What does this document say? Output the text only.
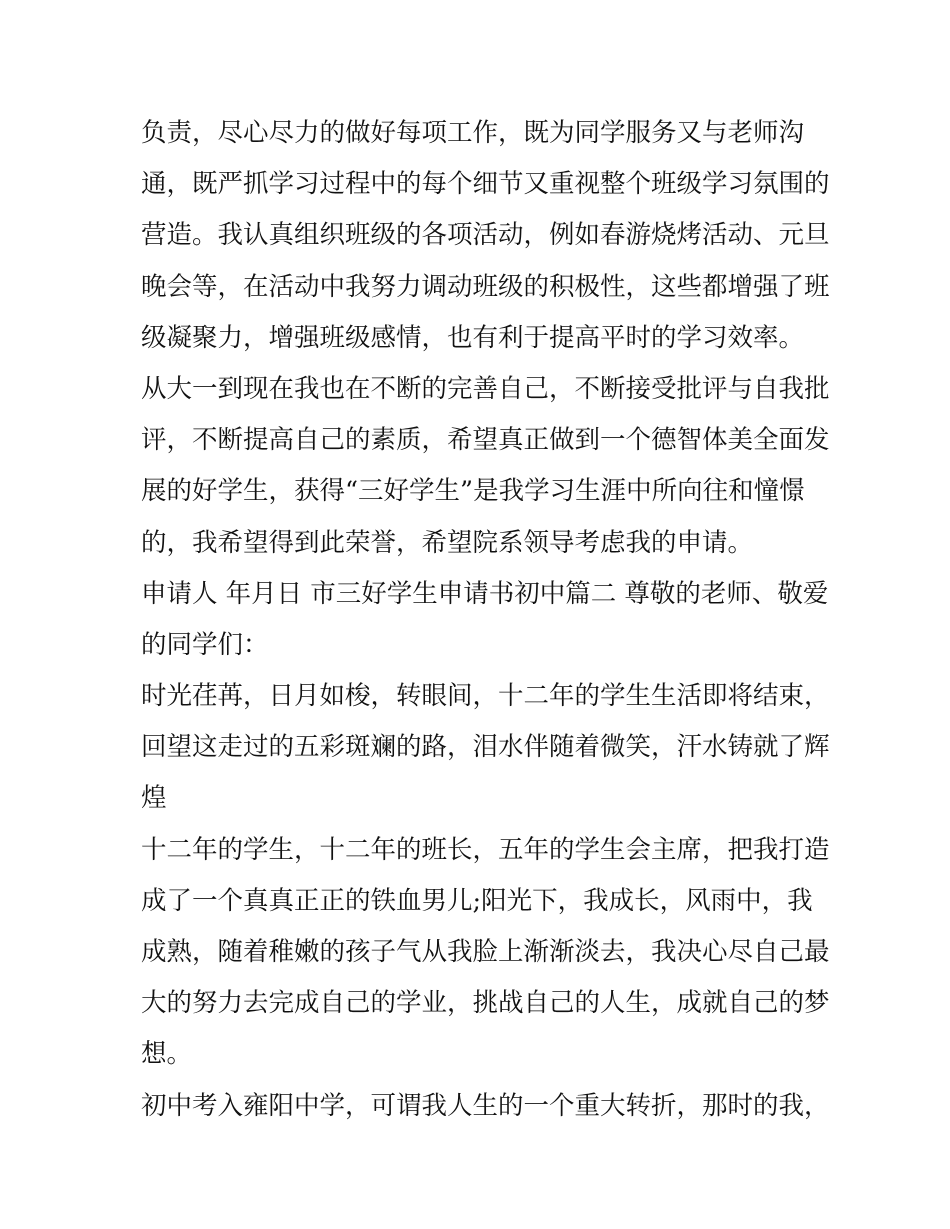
负责，尽心尽力的做好每项工作，既为同学服务又与老师沟
通，既严抓学习过程中的每个细节又重视整个班级学习氛围的
营造。我认真组织班级的各项活动，例如春游烧烤活动、元旦
晚会等，在活动中我努力调动班级的积极性，这些都增强了班
级凝聚力，增强班级感情，也有利于提高平时的学习效率。
从大一到现在我也在不断的完善自己，不断接受批评与自我批
评，不断提高自己的素质，希望真正做到一个德智体美全面发
展的好学生，获得“三好学生”是我学习生涯中所向往和憧憬
的，我希望得到此荣誉，希望院系领导考虑我的申请。
申请人 年月日 市三好学生申请书初中篇二 尊敬的老师、敬爱
的同学们：
时光荏苒，日月如梭，转眼间，十二年的学生生活即将结束，
回望这走过的五彩斑斓的路，泪水伴随着微笑，汗水铸就了辉
煌
十二年的学生，十二年的班长，五年的学生会主席，把我打造
成了一个真真正正的铁血男儿;阳光下，我成长，风雨中，我
成熟，随着稚嫩的孩子气从我脸上渐渐淡去，我决心尽自己最
大的努力去完成自己的学业，挑战自己的人生，成就自己的梦
想。
初中考入雍阳中学，可谓我人生的一个重大转折，那时的我，
